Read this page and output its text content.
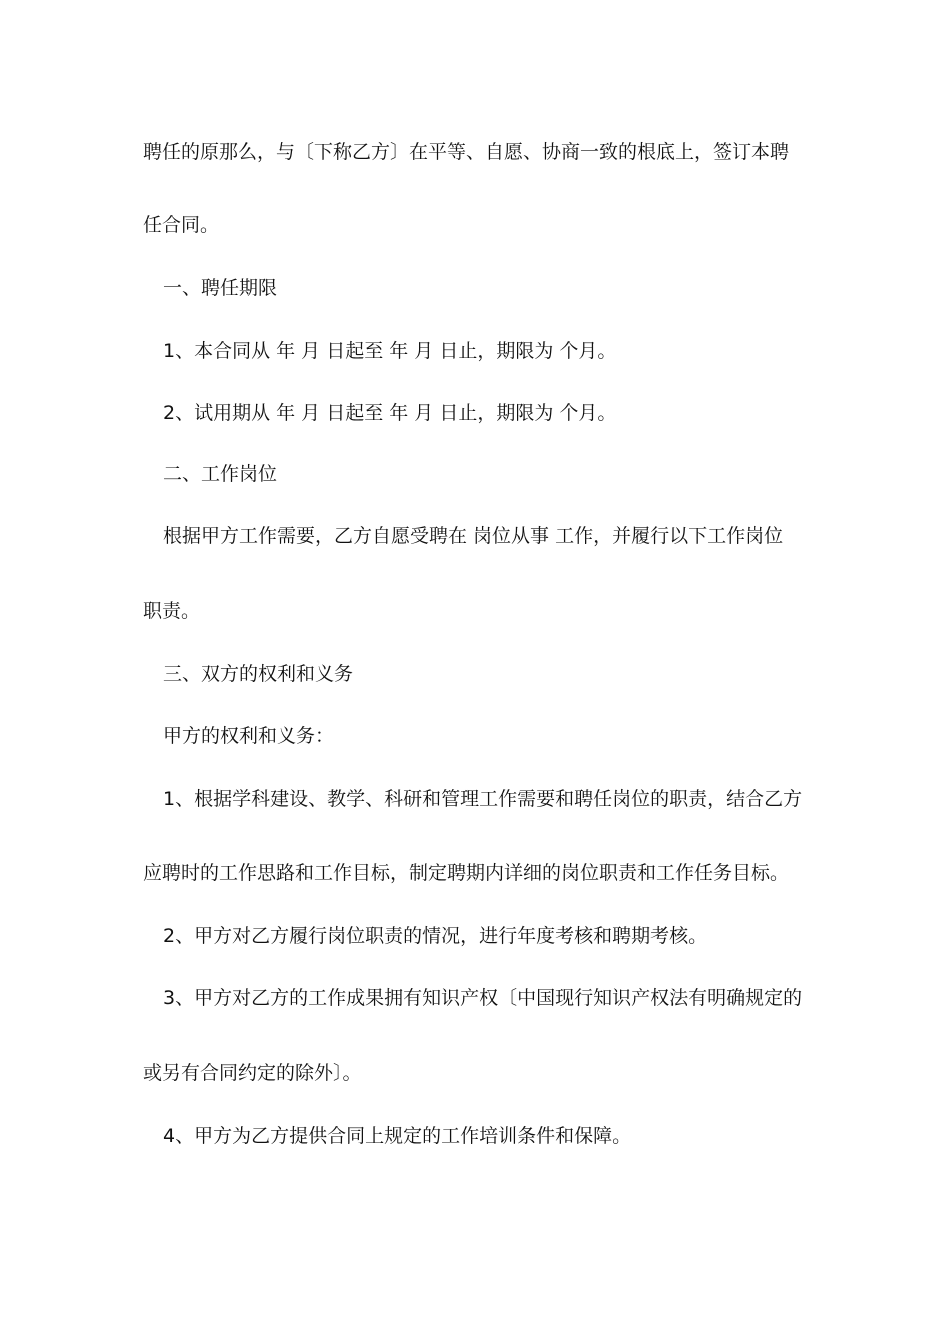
聘任的原那么，与〔下称乙方〕在平等、自愿、协商一致的根底上，签订本聘
任合同。
一、聘任期限
1、本合同从 年 月 日起至 年 月 日止，期限为 个月。
2、试用期从 年 月 日起至 年 月 日止，期限为 个月。
二、工作岗位
根据甲方工作需要，乙方自愿受聘在 岗位从事 工作，并履行以下工作岗位
职责。
三、双方的权利和义务
甲方的权利和义务：
1、根据学科建设、教学、科研和管理工作需要和聘任岗位的职责，结合乙方
应聘时的工作思路和工作目标，制定聘期内详细的岗位职责和工作任务目标。
2、甲方对乙方履行岗位职责的情况，进行年度考核和聘期考核。
3、甲方对乙方的工作成果拥有知识产权〔中国现行知识产权法有明确规定的
或另有合同约定的除外〕。
4、甲方为乙方提供合同上规定的工作培训条件和保障。
